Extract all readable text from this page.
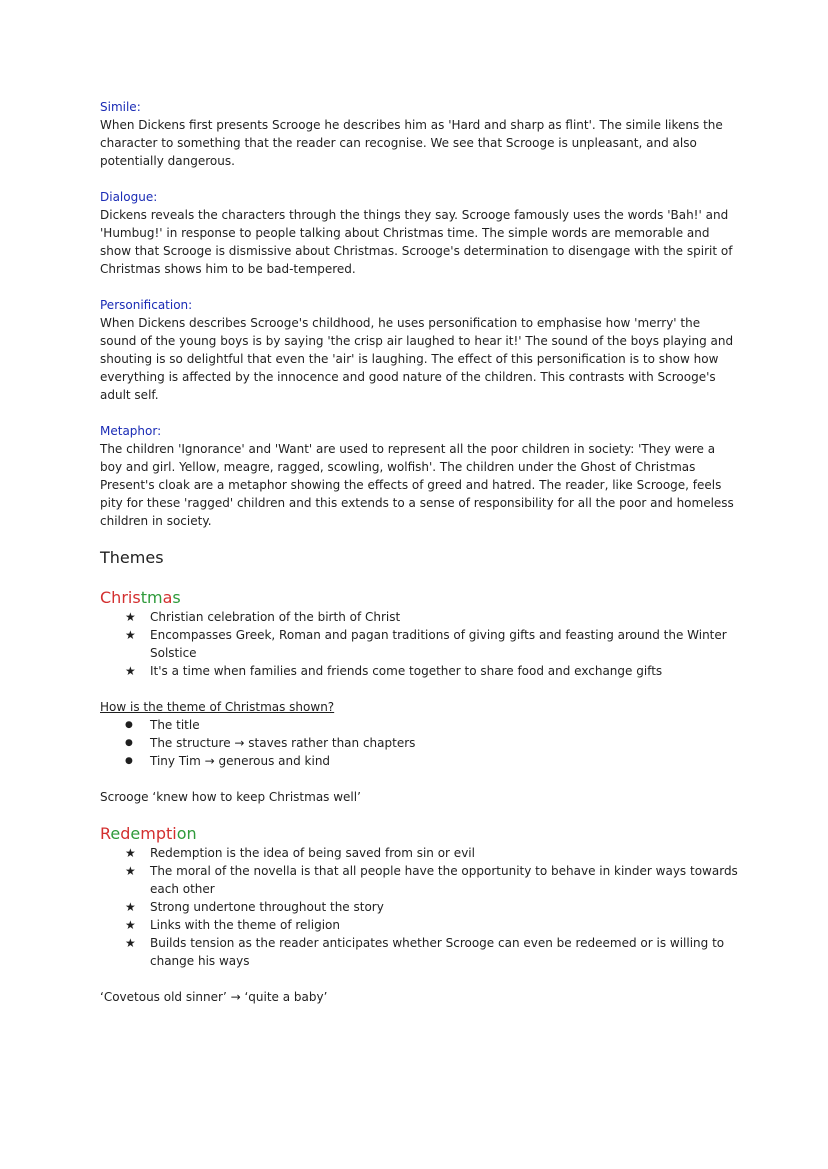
Simile:

When Dickens first presents Scrooge he describes him as 'Hard and sharp as flint'. The simile likens the character to something that the reader can recognise. We see that Scrooge is unpleasant, and also potentially dangerous.

Dialogue:

Dickens reveals the characters through the things they say. Scrooge famously uses the words 'Bah!' and 'Humbug!' in response to people talking about Christmas time. The simple words are memorable and show that Scrooge is dismissive about Christmas. Scrooge's determination to disengage with the spirit of Christmas shows him to be bad-tempered.

Personification:

When Dickens describes Scrooge's childhood, he uses personification to emphasise how 'merry' the sound of the young boys is by saying 'the crisp air laughed to hear it!' The sound of the boys playing and shouting is so delightful that even the 'air' is laughing. The effect of this personification is to show how everything is affected by the innocence and good nature of the children. This contrasts with Scrooge's adult self.

Metaphor:

The children 'Ignorance' and 'Want' are used to represent all the poor children in society: 'They were a boy and girl. Yellow, meagre, ragged, scowling, wolfish'. The children under the Ghost of Christmas Present's cloak are a metaphor showing the effects of greed and hatred. The reader, like Scrooge, feels pity for these 'ragged' children and this extends to a sense of responsibility for all the poor and homeless children in society.

Themes
Christmas
★ Christian celebration of the birth of Christ
★ Encompasses Greek, Roman and pagan traditions of giving gifts and feasting around the Winter Solstice
★ It's a time when families and friends come together to share food and exchange gifts

How is the theme of Christmas shown?

●	The title
●	The structure → staves rather than chapters
●	Tiny Tim → generous and kind

Scrooge ‘knew how to keep Christmas well’

Redemption
★ Redemption is the idea of being saved from sin or evil
★ The moral of the novella is that all people have the opportunity to behave in kinder ways towards each other
★ Strong undertone throughout the story
★ Links with the theme of religion
★ Builds tension as the reader anticipates whether Scrooge can even be redeemed or is willing to change his ways

‘Covetous old sinner’ → ‘quite a baby’
